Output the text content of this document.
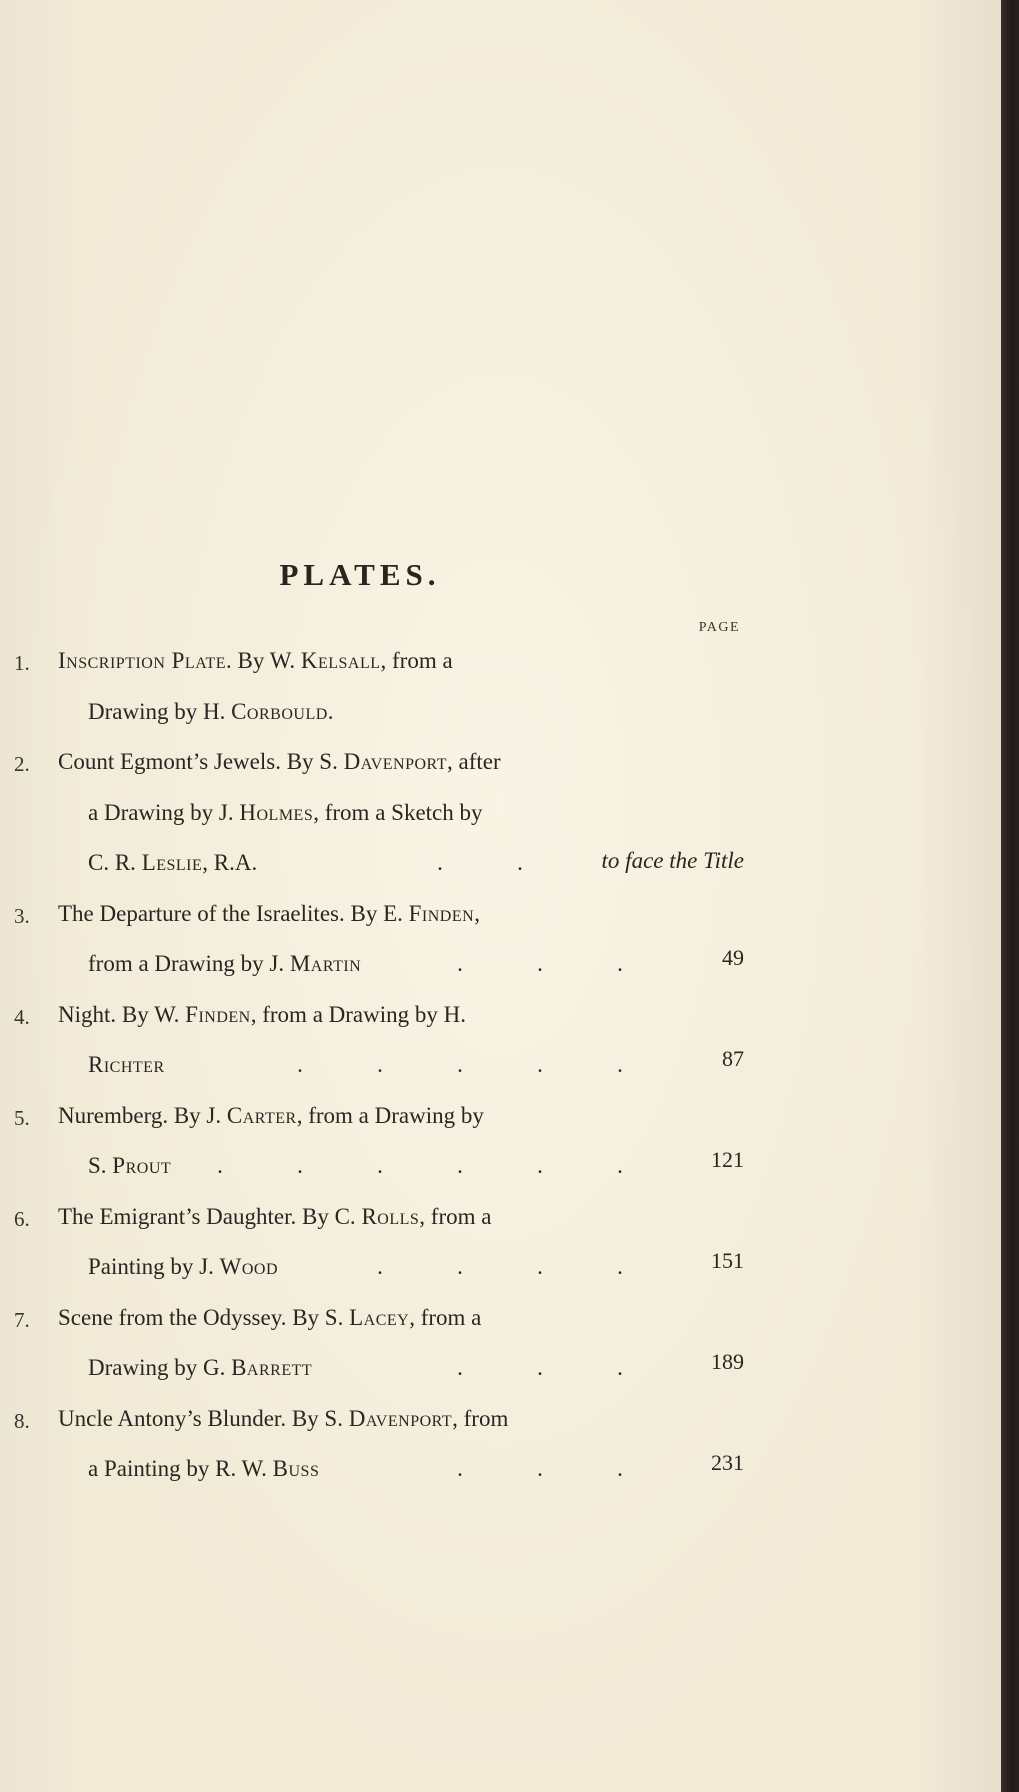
PLATES.
PAGE
1. Inscription Plate. By W. Kelsall, from a
Drawing by H. Corbould.
2. Count Egmont’s Jewels. By S. Davenport, after
a Drawing by J. Holmes, from a Sketch by
C. R. Leslie, R.A.	.	.	to face the Title
3. The Departure of the Israelites. By E. Finden,
from a Drawing by J. Martin	.	.	.	49
4. Night. By W. Finden, from a Drawing by H.
Richter	.	.	.	.	.	87
5. Nuremberg. By J. Carter, from a Drawing by
S. Prout	.	.	.	.	.	.	121
6. The Emigrant’s Daughter. By C. Rolls, from a
Painting by J. Wood	.	.	.	.	151
7. Scene from the Odyssey. By S. Lacey, from a
Drawing by G. Barrett	.	.	.	189
8. Uncle Antony’s Blunder. By S. Davenport, from
a Painting by R. W. Buss	.	.	.	231
